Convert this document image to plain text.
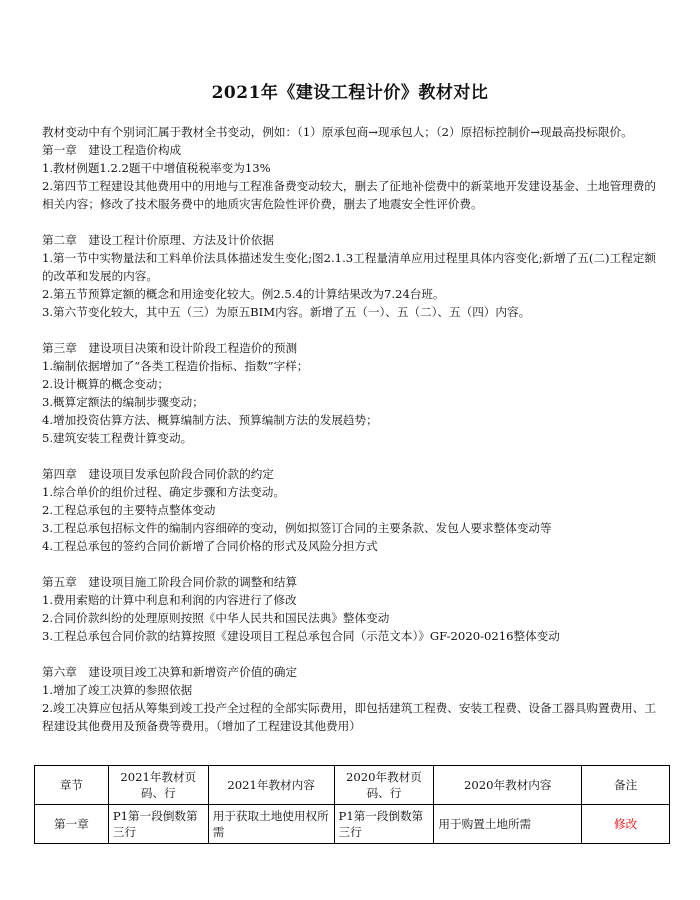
2021年《建设工程计价》教材对比

教材变动中有个别词汇属于教材全书变动，例如：（1）原承包商→现承包人；（2）原招标控制价→现最高投标限价。

第一章　建设工程造价构成

1.教材例题1.2.2题干中增值税税率变为13%

2.第四节工程建设其他费用中的用地与工程准备费变动较大，删去了征地补偿费中的新菜地开发建设基金、土地管理费的相关内容；修改了技术服务费中的地质灾害危险性评价费，删去了地震安全性评价费。

第二章　建设工程计价原理、方法及计价依据

1.第一节中实物量法和工料单价法具体描述发生变化;图2.1.3工程量清单应用过程里具体内容变化;新增了五(二)工程定额的改革和发展的内容。

2.第五节预算定额的概念和用途变化较大。例2.5.4的计算结果改为7.24台班。

3.第六节变化较大，其中五（三）为原五BIM内容。新增了五（一）、五（二）、五（四）内容。

第三章　建设项目决策和设计阶段工程造价的预测

1.编制依据增加了“各类工程造价指标、指数”字样；

2.设计概算的概念变动；

3.概算定额法的编制步骤变动；

4.增加投资估算方法、概算编制方法、预算编制方法的发展趋势；

5.建筑安装工程费计算变动。

第四章　建设项目发承包阶段合同价款的约定

1.综合单价的组价过程、确定步骤和方法变动。

2.工程总承包的主要特点整体变动

3.工程总承包招标文件的编制内容细碎的变动，例如拟签订合同的主要条款、发包人要求整体变动等

4.工程总承包的签约合同价新增了合同价格的形式及风险分担方式

第五章　建设项目施工阶段合同价款的调整和结算

1.费用索赔的计算中利息和利润的内容进行了修改

2.合同价款纠纷的处理原则按照《中华人民共和国民法典》整体变动

3.工程总承包合同价款的结算按照《建设项目工程总承包合同（示范文本）》GF-2020-0216整体变动

第六章　建设项目竣工决算和新增资产价值的确定

1.增加了竣工决算的参照依据

2.竣工决算应包括从筹集到竣工投产全过程的全部实际费用，即包括建筑工程费、安装工程费、设备工器具购置费用、工程建设其他费用及预备费等费用。（增加了工程建设其他费用）

章节	2021年教材页码、行	2021年教材内容	2020年教材页码、行	2020年教材内容	备注
第一章	P1第一段倒数第三行	用于获取土地使用权所需	P1第一段倒数第三行	用于购置土地所需	修改
